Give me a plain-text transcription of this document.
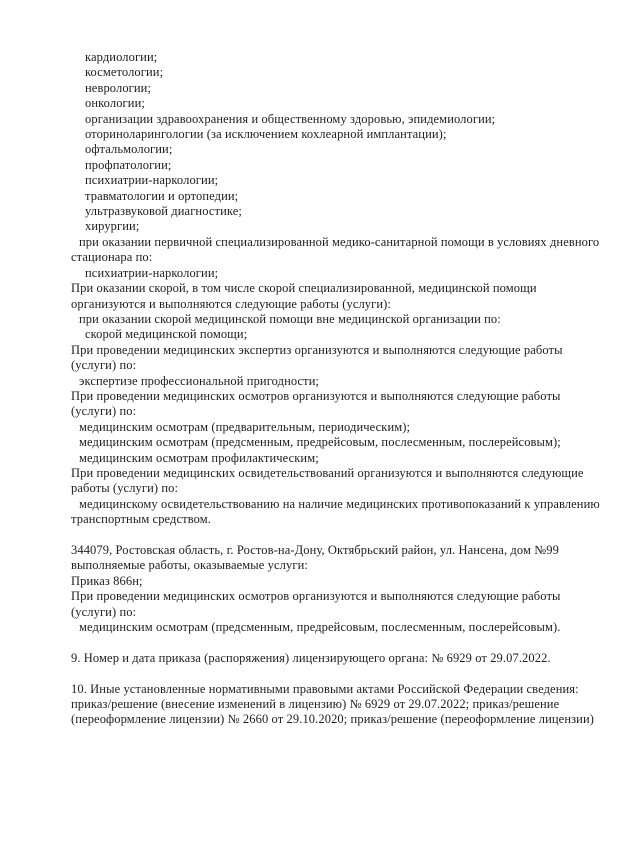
кардиологии;
косметологии;
неврологии;
онкологии;
организации здравоохранения и общественному здоровью, эпидемиологии;
оториноларингологии (за исключением кохлеарной имплантации);
офтальмологии;
профпатологии;
психиатрии-наркологии;
травматологии и ортопедии;
ультразвуковой диагностике;
хирургии;
при оказании первичной специализированной медико-санитарной помощи в условиях дневного
стационара по:
психиатрии-наркологии;
При оказании скорой, в том числе скорой специализированной, медицинской помощи
организуются и выполняются следующие работы (услуги):
при оказании скорой медицинской помощи вне медицинской организации по:
скорой медицинской помощи;
При проведении медицинских экспертиз организуются и выполняются следующие работы
(услуги) по:
экспертизе профессиональной пригодности;
При проведении медицинских осмотров организуются и выполняются следующие работы
(услуги) по:
медицинским осмотрам (предварительным, периодическим);
медицинским осмотрам (предсменным, предрейсовым, послесменным, послерейсовым);
медицинским осмотрам профилактическим;
При проведении медицинских освидетельствований организуются и выполняются следующие
работы (услуги) по:
медицинскому освидетельствованию на наличие медицинских противопоказаний к управлению
транспортным средством.
344079, Ростовская область, г. Ростов-на-Дону, Октябрьский район, ул. Нансена, дом №99
выполняемые работы, оказываемые услуги:
Приказ 866н;
При проведении медицинских осмотров организуются и выполняются следующие работы
(услуги) по:
медицинским осмотрам (предсменным, предрейсовым, послесменным, послерейсовым).
9. Номер и дата приказа (распоряжения) лицензирующего органа: № 6929 от 29.07.2022.
10. Иные установленные нормативными правовыми актами Российской Федерации сведения:
приказ/решение (внесение изменений в лицензию) № 6929 от 29.07.2022; приказ/решение
(переоформление лицензии) № 2660 от 29.10.2020; приказ/решение (переоформление лицензии)
